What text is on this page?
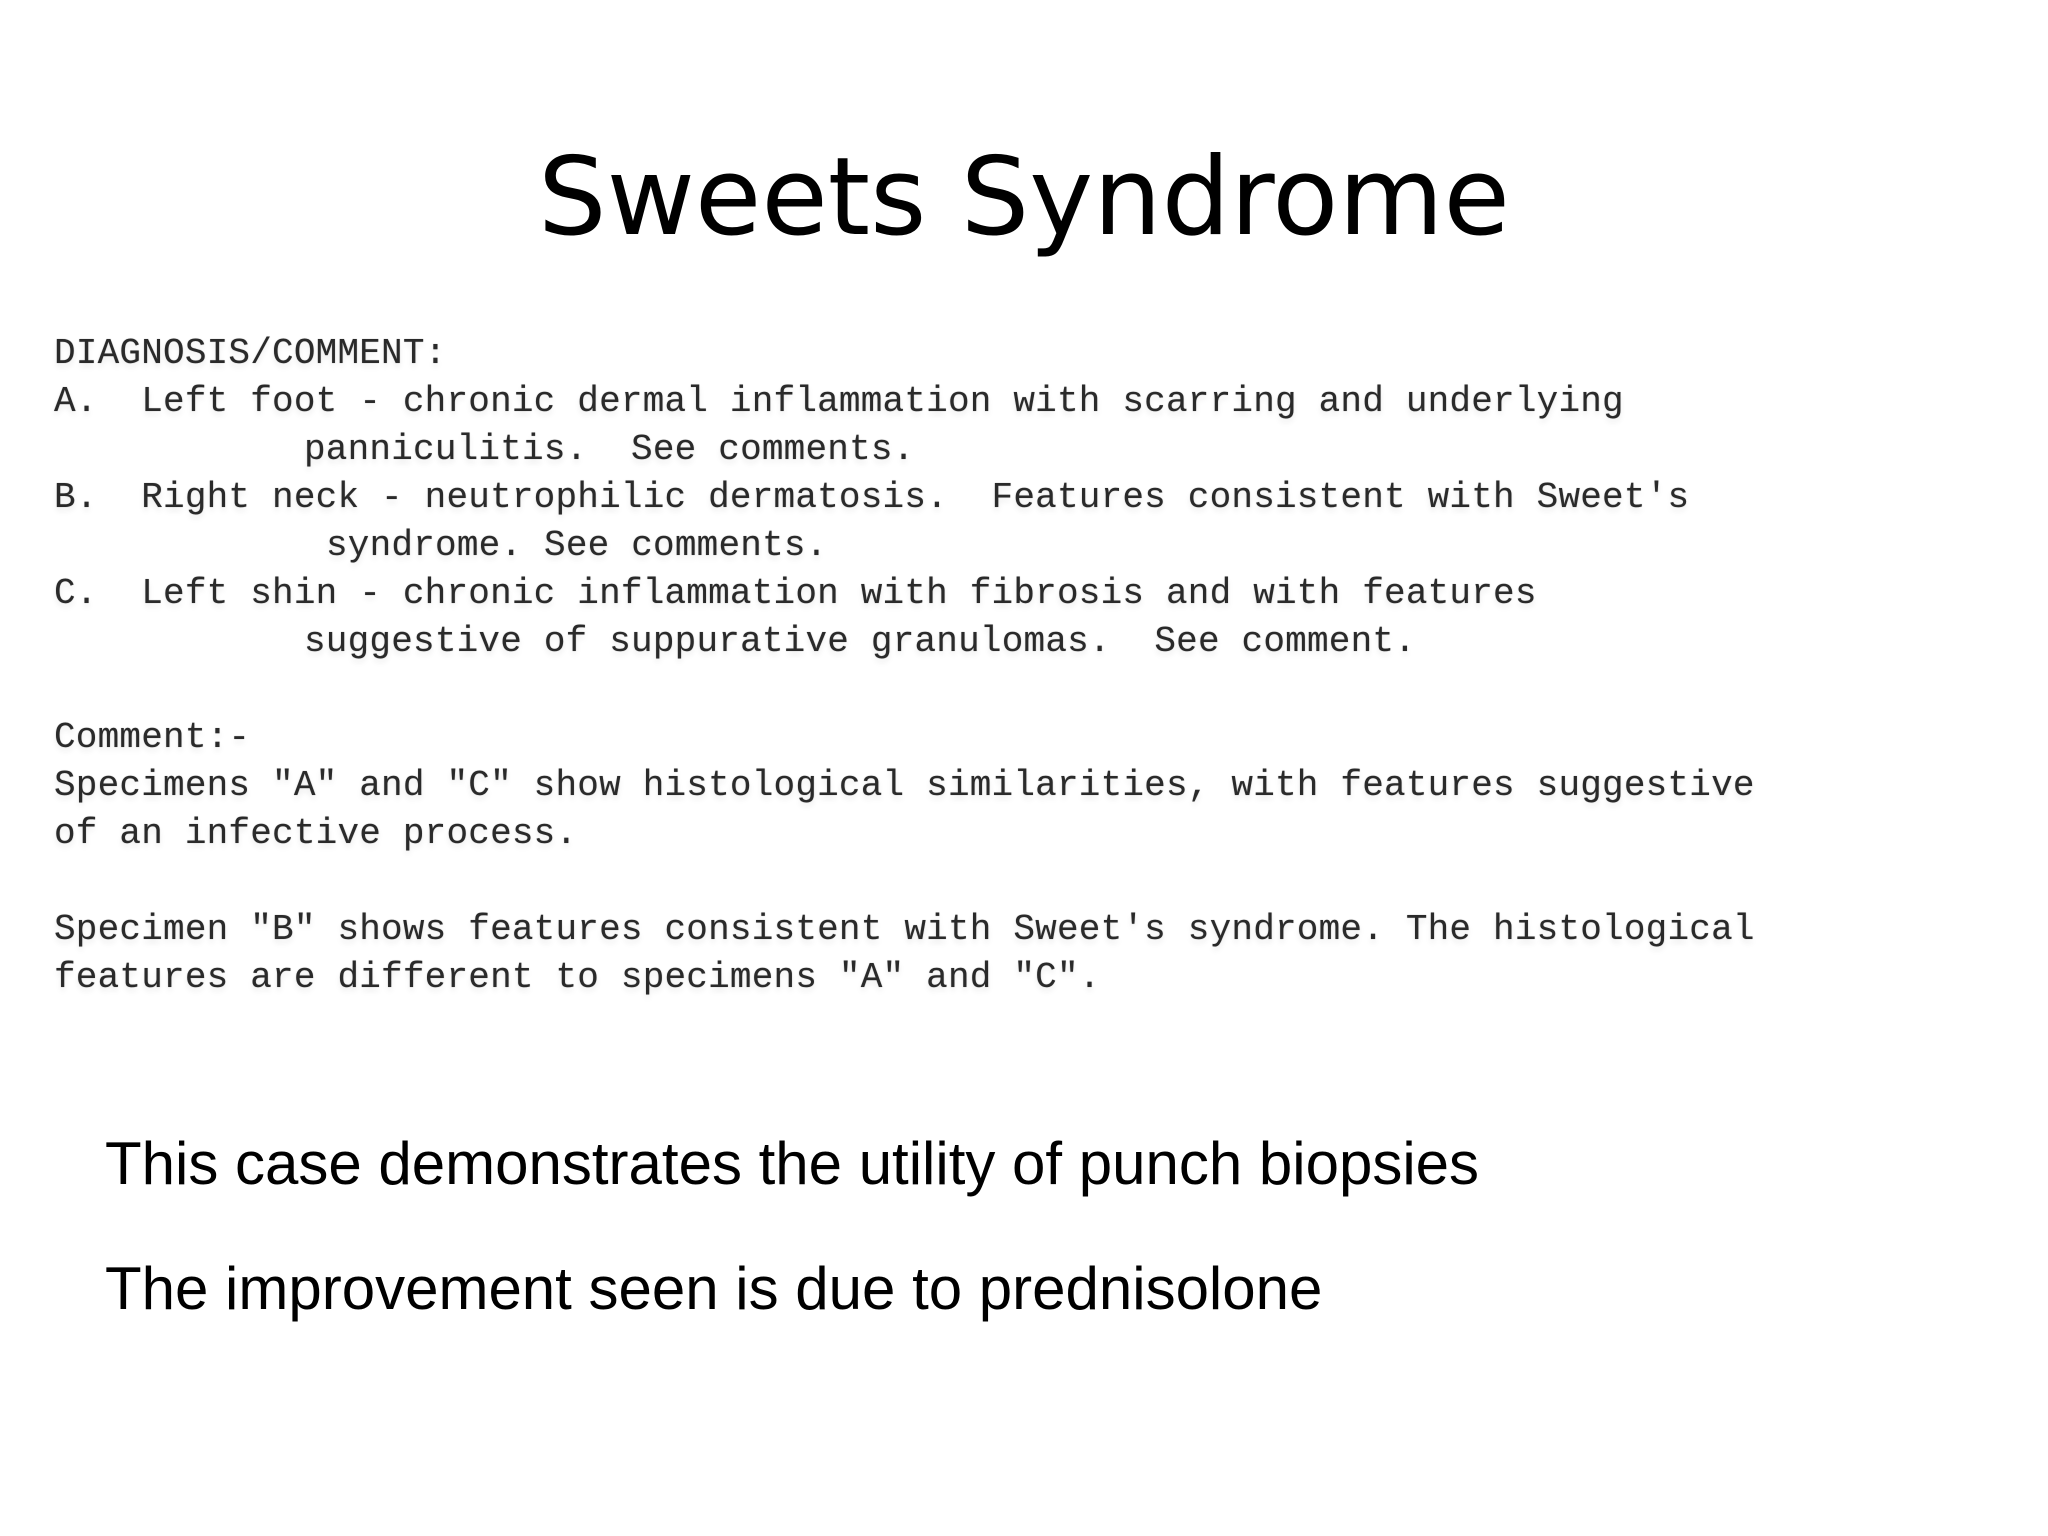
Sweets Syndrome
DIAGNOSIS/COMMENT:
A.  Left foot - chronic dermal inflammation with scarring and underlying
panniculitis.  See comments.
B.  Right neck - neutrophilic dermatosis.  Features consistent with Sweet's
syndrome. See comments.
C.  Left shin - chronic inflammation with fibrosis and with features
suggestive of suppurative granulomas.  See comment.
Comment:-
Specimens "A" and "C" show histological similarities, with features suggestive
of an infective process.
Specimen "B" shows features consistent with Sweet's syndrome. The histological
features are different to specimens "A" and "C".
This case demonstrates the utility of punch biopsies
The improvement seen is due to prednisolone
